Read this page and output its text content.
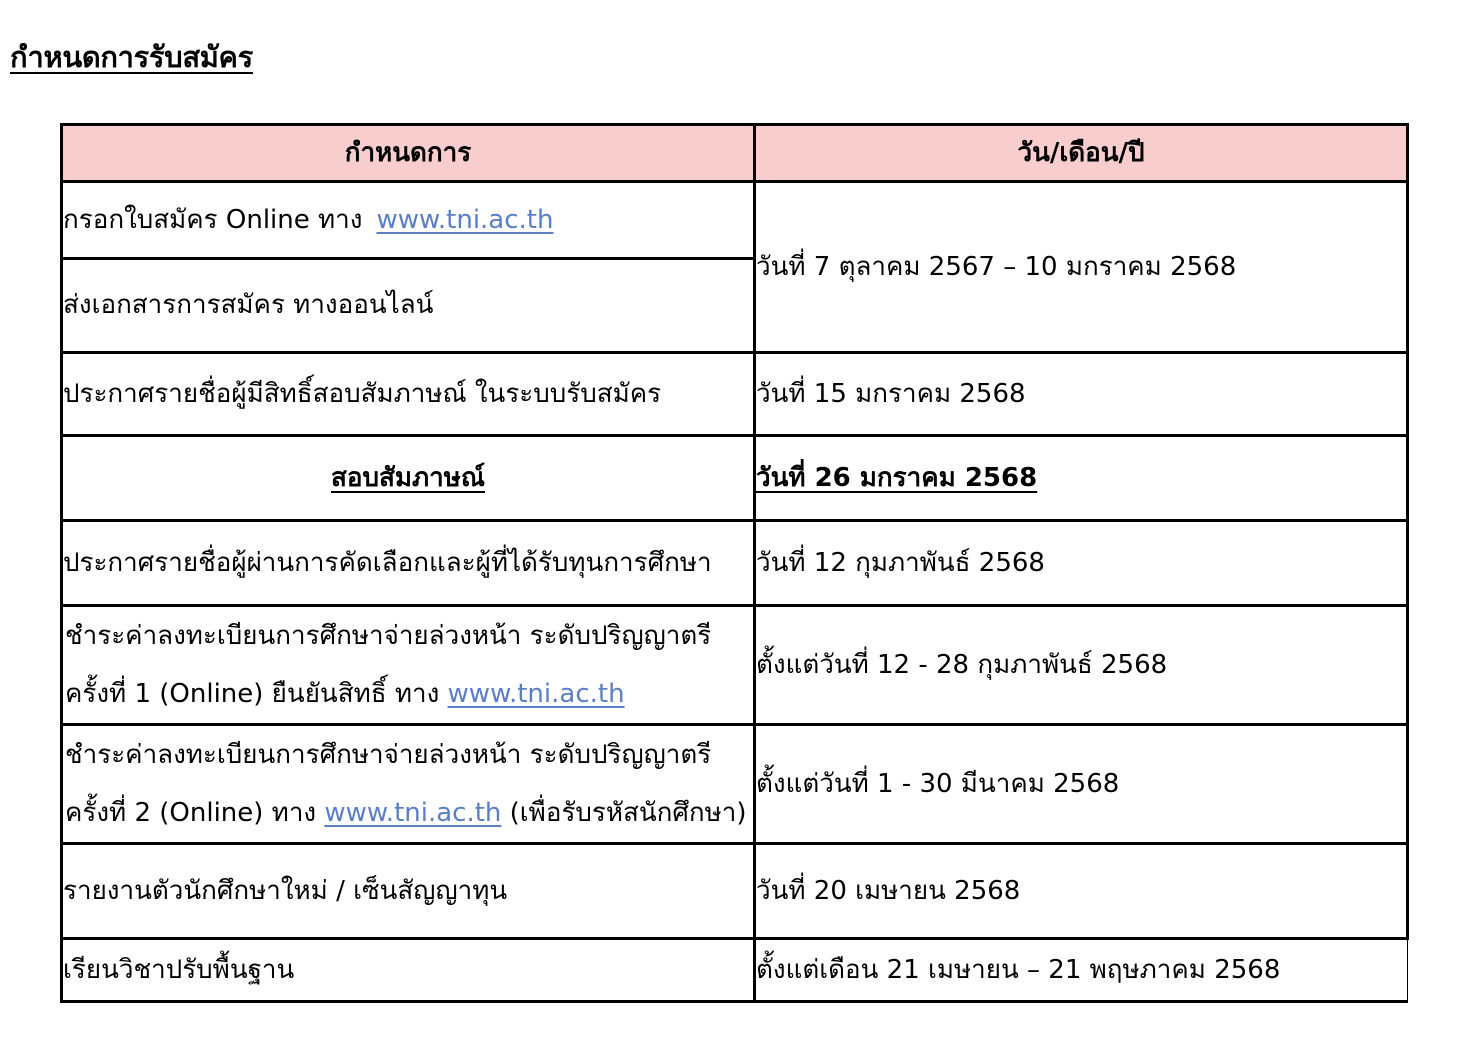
กำหนดการรับสมัคร
กำหนดการ	วัน/เดือน/ปี
กรอกใบสมัคร Online ทาง www.tni.ac.th	วันที่ 7 ตุลาคม 2567 – 10 มกราคม 2568
ส่งเอกสารการสมัคร ทางออนไลน์	
ประกาศรายชื่อผู้มีสิทธิ์สอบสัมภาษณ์ ในระบบรับสมัคร	วันที่ 15 มกราคม 2568
สอบสัมภาษณ์	วันที่ 26 มกราคม 2568
ประกาศรายชื่อผู้ผ่านการคัดเลือกและผู้ที่ได้รับทุนการศึกษา	วันที่ 12 กุมภาพันธ์ 2568

ชำระค่าลงทะเบียนการศึกษาจ่ายล่วงหน้า ระดับปริญญาตรี
ครั้งที่ 1 (Online) ยืนยันสิทธิ์ ทาง www.tni.ac.th	ตั้งแต่วันที่ 12 - 28 กุมภาพันธ์ 2568

ชำระค่าลงทะเบียนการศึกษาจ่ายล่วงหน้า ระดับปริญญาตรี
ครั้งที่ 2 (Online) ทาง www.tni.ac.th (เพื่อรับรหัสนักศึกษา)	ตั้งแต่วันที่ 1 - 30 มีนาคม 2568
รายงานตัวนักศึกษาใหม่ / เซ็นสัญญาทุน	วันที่ 20 เมษายน 2568
เรียนวิชาปรับพื้นฐาน	ตั้งแต่เดือน 21 เมษายน – 21 พฤษภาคม 2568
